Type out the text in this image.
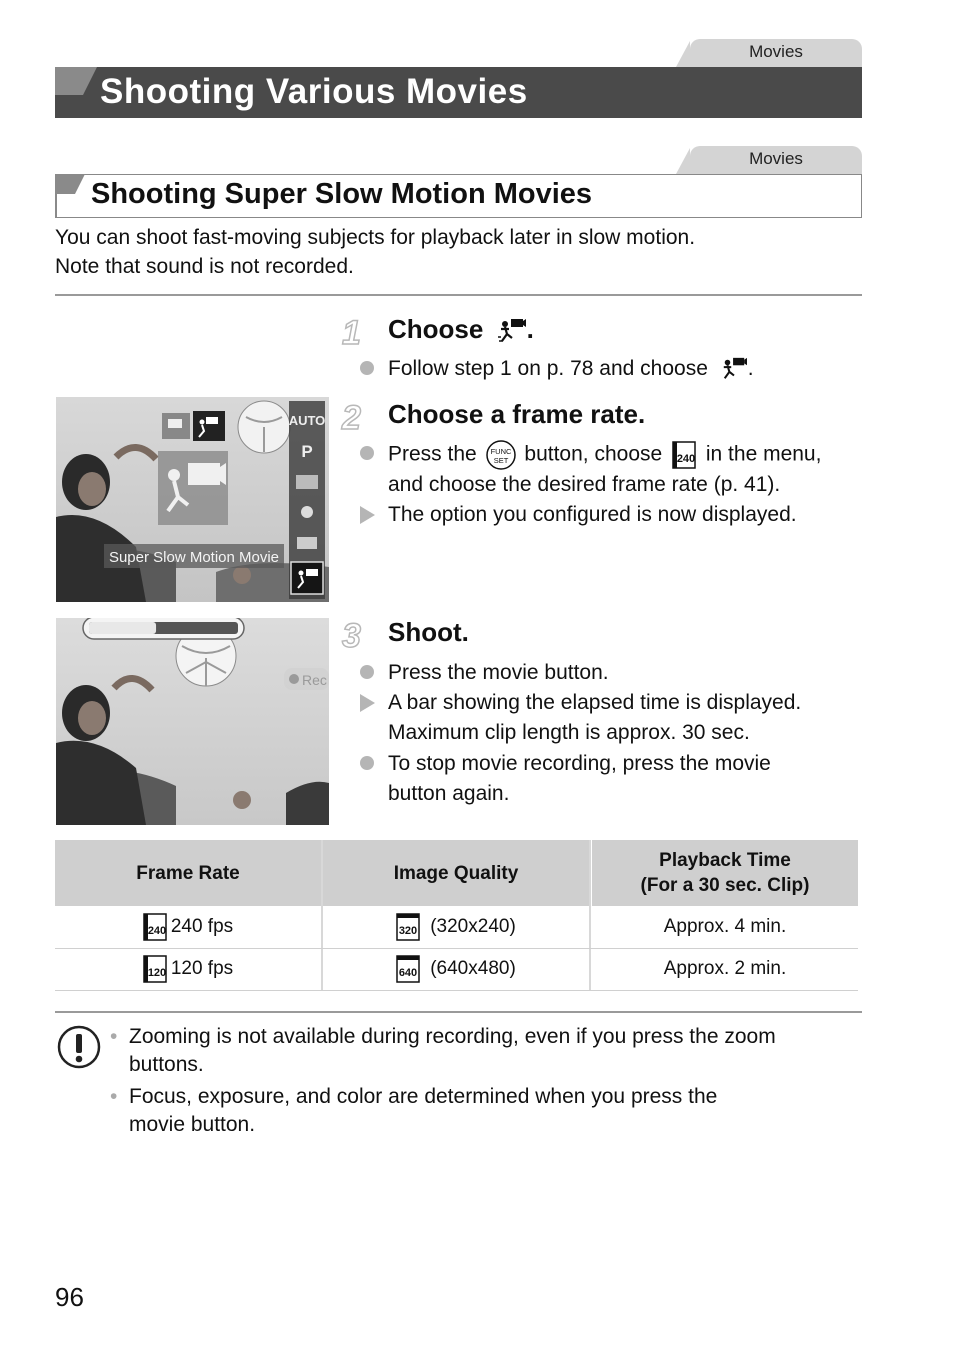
Movies
Shooting Various Movies
Movies
Shooting Super Slow Motion Movies
You can shoot fast-moving subjects for playback later in slow motion.
Note that sound is not recorded.
1 Choose .
Follow step 1 on p. 78 and choose .
AUTO
P
Super Slow Motion Movie
2 Choose a frame rate.
Press the FUNC
SET button, choose 240 in the menu,
and choose the desired frame rate (p. 41).
The option you configured is now displayed.
Rec
3 Shoot.
Press the movie button.
A bar showing the elapsed time is displayed.
Maximum clip length is approx. 30 sec.
To stop movie recording, press the movie
button again.
Frame Rate	Image Quality
Playback Time
(For a 30 sec. Clip)
240 240 fps	320 (320x240)	Approx. 4 min.
120 120 fps	640 (640x480)	Approx. 2 min.
• Zooming is not available during recording, even if you press the zoom
buttons.
• Focus, exposure, and color are determined when you press the
movie button.
96
